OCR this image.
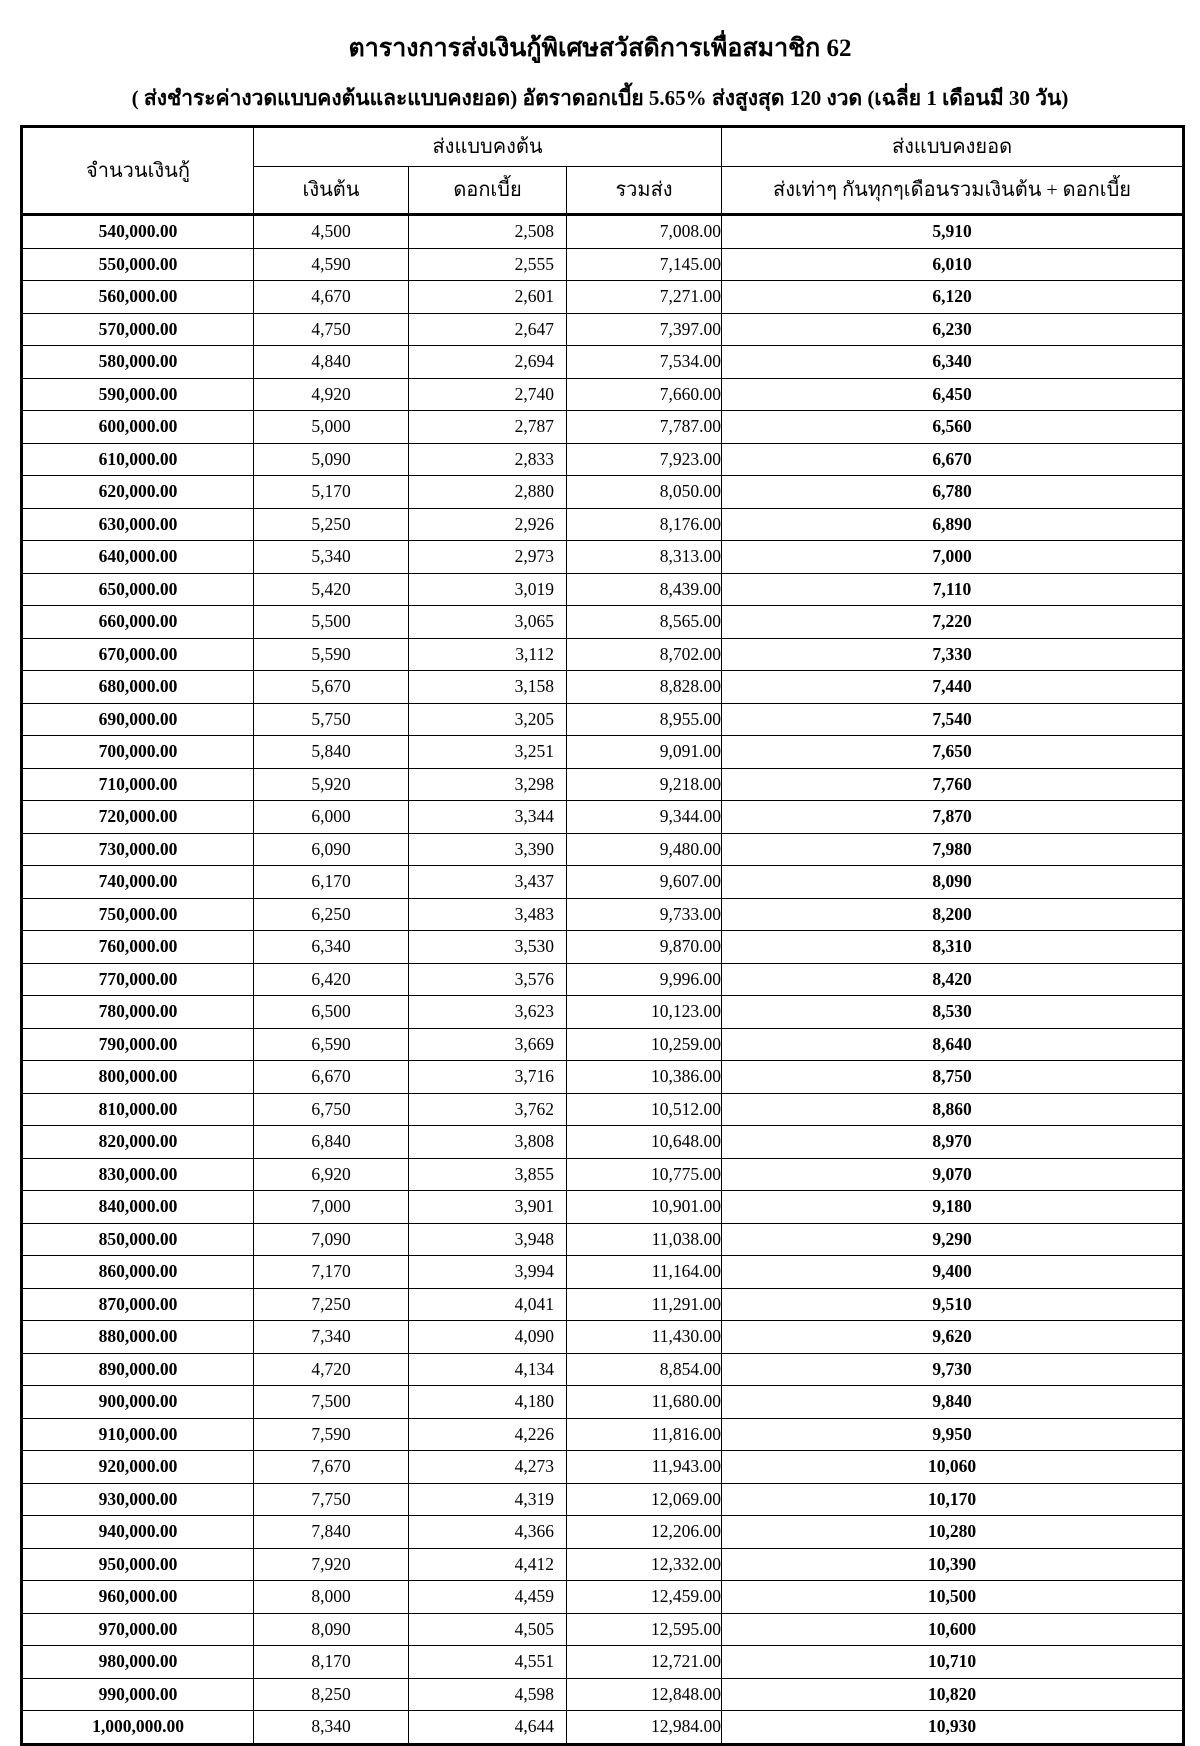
ตารางการส่งเงินกู้พิเศษสวัสดิการเพื่อสมาชิก 62
( ส่งชำระค่างวดแบบคงต้นและแบบคงยอด) อัตราดอกเบี้ย 5.65% ส่งสูงสุด 120 งวด (เฉลี่ย 1 เดือนมี 30 วัน)
จำนวนเงินกู้	ส่งแบบคงต้น			ส่งแบบคงยอด
	เงินต้น	ดอกเบี้ย	รวมส่ง	ส่งเท่าๆ กันทุกๆเดือนรวมเงินต้น + ดอกเบี้ย
540,000.00	4,500	2,508	7,008.00	5,910
550,000.00	4,590	2,555	7,145.00	6,010
560,000.00	4,670	2,601	7,271.00	6,120
570,000.00	4,750	2,647	7,397.00	6,230
580,000.00	4,840	2,694	7,534.00	6,340
590,000.00	4,920	2,740	7,660.00	6,450
600,000.00	5,000	2,787	7,787.00	6,560
610,000.00	5,090	2,833	7,923.00	6,670
620,000.00	5,170	2,880	8,050.00	6,780
630,000.00	5,250	2,926	8,176.00	6,890
640,000.00	5,340	2,973	8,313.00	7,000
650,000.00	5,420	3,019	8,439.00	7,110
660,000.00	5,500	3,065	8,565.00	7,220
670,000.00	5,590	3,112	8,702.00	7,330
680,000.00	5,670	3,158	8,828.00	7,440
690,000.00	5,750	3,205	8,955.00	7,540
700,000.00	5,840	3,251	9,091.00	7,650
710,000.00	5,920	3,298	9,218.00	7,760
720,000.00	6,000	3,344	9,344.00	7,870
730,000.00	6,090	3,390	9,480.00	7,980
740,000.00	6,170	3,437	9,607.00	8,090
750,000.00	6,250	3,483	9,733.00	8,200
760,000.00	6,340	3,530	9,870.00	8,310
770,000.00	6,420	3,576	9,996.00	8,420
780,000.00	6,500	3,623	10,123.00	8,530
790,000.00	6,590	3,669	10,259.00	8,640
800,000.00	6,670	3,716	10,386.00	8,750
810,000.00	6,750	3,762	10,512.00	8,860
820,000.00	6,840	3,808	10,648.00	8,970
830,000.00	6,920	3,855	10,775.00	9,070
840,000.00	7,000	3,901	10,901.00	9,180
850,000.00	7,090	3,948	11,038.00	9,290
860,000.00	7,170	3,994	11,164.00	9,400
870,000.00	7,250	4,041	11,291.00	9,510
880,000.00	7,340	4,090	11,430.00	9,620
890,000.00	4,720	4,134	8,854.00	9,730
900,000.00	7,500	4,180	11,680.00	9,840
910,000.00	7,590	4,226	11,816.00	9,950
920,000.00	7,670	4,273	11,943.00	10,060
930,000.00	7,750	4,319	12,069.00	10,170
940,000.00	7,840	4,366	12,206.00	10,280
950,000.00	7,920	4,412	12,332.00	10,390
960,000.00	8,000	4,459	12,459.00	10,500
970,000.00	8,090	4,505	12,595.00	10,600
980,000.00	8,170	4,551	12,721.00	10,710
990,000.00	8,250	4,598	12,848.00	10,820
1,000,000.00	8,340	4,644	12,984.00	10,930
